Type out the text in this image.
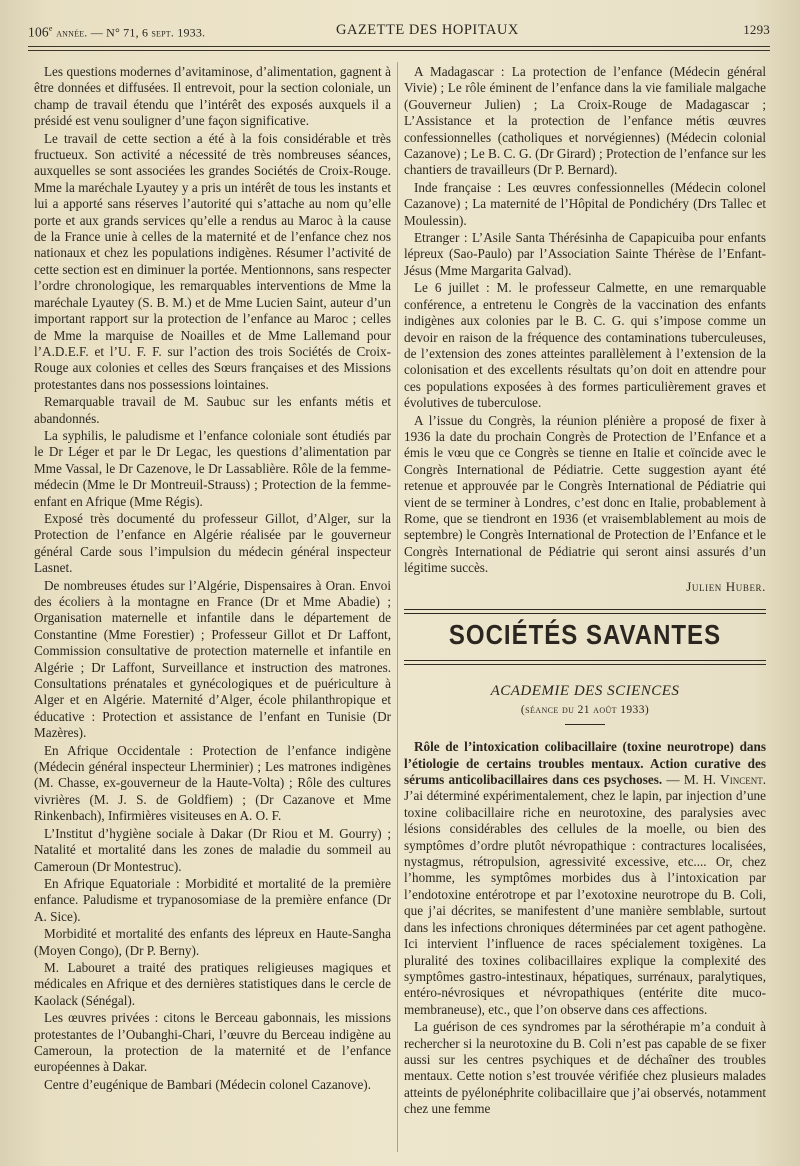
106e année. — N° 71, 6 sept. 1933.	GAZETTE DES HOPITAUX	1293

Les questions modernes d’avitaminose, d’alimentation, gagnent à être données et diffusées. Il entrevoit, pour la section coloniale, un champ de travail étendu que l’intérêt des exposés auxquels il a présidé est venu souligner d’une façon significative.

Le travail de cette section a été à la fois considérable et très fructueux. Son activité a nécessité de très nombreuses séances, auxquelles se sont associées les grandes Sociétés de Croix-Rouge. Mme la maréchale Lyautey y a pris un intérêt de tous les instants et lui a apporté sans réserves l’autorité qui s’attache au nom qu’elle porte et aux grands services qu’elle a rendus au Maroc à la cause de la France unie à celles de la maternité et de l’enfance chez nos nationaux et chez les populations indigènes. Résumer l’activité de cette section est en diminuer la portée. Mentionnons, sans respecter l’ordre chronologique, les remarquables interventions de Mme la maréchale Lyautey (S. B. M.) et de Mme Lucien Saint, auteur d’un important rapport sur la protection de l’enfance au Maroc ; celles de Mme la marquise de Noailles et de Mme Lallemand pour l’A.D.E.F. et l’U. F. F. sur l’action des trois Sociétés de Croix-Rouge aux colonies et celles des Sœurs françaises et des Missions protestantes dans nos possessions lointaines.

Remarquable travail de M. Saubuc sur les enfants métis et abandonnés.

La syphilis, le paludisme et l’enfance coloniale sont étudiés par le Dr Léger et par le Dr Legac, les questions d’alimentation par Mme Vassal, le Dr Cazenove, le Dr Lassablière. Rôle de la femme-médecin (Mme le Dr Montreuil-Strauss) ; Protection de la femme-enfant en Afrique (Mme Régis).

Exposé très documenté du professeur Gillot, d’Alger, sur la Protection de l’enfance en Algérie réalisée par le gouverneur général Carde sous l’impulsion du médecin général inspecteur Lasnet.

De nombreuses études sur l’Algérie, Dispensaires à Oran. Envoi des écoliers à la montagne en France (Dr et Mme Abadie) ; Organisation maternelle et infantile dans le département de Constantine (Mme Forestier) ; Professeur Gillot et Dr Laffont, Commission consultative de protection maternelle et infantile en Algérie ; Dr Laffont, Surveillance et instruction des matrones. Consultations prénatales et gynécologiques et de puériculture à Alger et en Algérie. Maternité d’Alger, école philanthropique et éducative : Protection et assistance de l’enfant en Tunisie (Dr Mazères).

En Afrique Occidentale : Protection de l’enfance indigène (Médecin général inspecteur Lherminier) ; Les matrones indigènes (M. Chasse, ex-gouverneur de la Haute-Volta) ; Rôle des cultures vivrières (M. J. S. de Goldfiem) ; (Dr Cazanove et Mme Rinkenbach), Infirmières visiteuses en A. O. F.

L’Institut d’hygiène sociale à Dakar (Dr Riou et M. Gourry) ; Natalité et mortalité dans les zones de maladie du sommeil au Cameroun (Dr Montestruc).

En Afrique Equatoriale : Morbidité et mortalité de la première enfance. Paludisme et trypanosomiase de la première enfance (Dr A. Sice).

Morbidité et mortalité des enfants des lépreux en Haute-Sangha (Moyen Congo), (Dr P. Berny).

M. Labouret a traité des pratiques religieuses magiques et médicales en Afrique et des dernières statistiques dans le cercle de Kaolack (Sénégal).

Les œuvres privées : citons le Berceau gabonnais, les missions protestantes de l’Oubanghi-Chari, l’œuvre du Berceau indigène au Cameroun, la protection de la maternité et de l’enfance européennes à Dakar.

Centre d’eugénique de Bambari (Médecin colonel Cazanove).

A Madagascar : La protection de l’enfance (Médecin général Vivie) ; Le rôle éminent de l’enfance dans la vie familiale malgache (Gouverneur Julien) ; La Croix-Rouge de Madagascar ; L’Assistance et la protection de l’enfance métis œuvres confessionnelles (catholiques et norvégiennes) (Médecin colonial Cazanove) ; Le B. C. G. (Dr Girard) ; Protection de l’enfance sur les chantiers de travailleurs (Dr P. Bernard).

Inde française : Les œuvres confessionnelles (Médecin colonel Cazanove) ; La maternité de l’Hôpital de Pondichéry (Drs Tallec et Moulessin).

Etranger : L’Asile Santa Thérésinha de Capapicuiba pour enfants lépreux (Sao-Paulo) par l’Association Sainte Thérèse de l’Enfant-Jésus (Mme Margarita Galvad).

Le 6 juillet : M. le professeur Calmette, en une remarquable conférence, a entretenu le Congrès de la vaccination des enfants indigènes aux colonies par le B. C. G. qui s’impose comme un devoir en raison de la fréquence des contaminations tuberculeuses, de l’extension des zones atteintes parallèlement à l’extension de la colonisation et des excellents résultats qu’on doit en attendre pour ces populations exposées à des formes particulièrement graves et évolutives de tuberculose.

A l’issue du Congrès, la réunion plénière a proposé de fixer à 1936 la date du prochain Congrès de Protection de l’Enfance et a émis le vœu que ce Congrès se tienne en Italie et coïncide avec le Congrès International de Pédiatrie. Cette suggestion ayant été retenue et approuvée par le Congrès International de Pédiatrie qui vient de se terminer à Londres, c’est donc en Italie, probablement à Rome, que se tiendront en 1936 (et vraisemblablement au mois de septembre) le Congrès International de Protection de l’Enfance et le Congrès International de Pédiatrie qui seront ainsi assurés d’un légitime succès.

Julien Huber.
SOCIÉTÉS SAVANTES
ACADEMIE DES SCIENCES
(séance du 21 août 1933)

Rôle de l’intoxication colibacillaire (toxine neurotrope) dans l’étiologie de certains troubles mentaux. Action curative des sérums anticolibacillaires dans ces psychoses. — M. H. Vincent. J’ai déterminé expérimentalement, chez le lapin, par injection d’une toxine colibacillaire riche en neurotoxine, des paralysies avec lésions considérables des cellules de la moelle, ou bien des symptômes d’ordre plutôt névropathique : contractures localisées, nystagmus, rétropulsion, agressivité excessive, etc.... Or, chez l’homme, les symptômes morbides dus à l’intoxication par l’endotoxine entérotrope et par l’exotoxine neurotrope du B. Coli, que j’ai décrites, se manifestent d’une manière semblable, surtout dans les infections chroniques déterminées par cet agent pathogène. Ici intervient l’influence de races spécialement toxigènes. La pluralité des toxines colibacillaires explique la complexité des symptômes gastro-intestinaux, hépatiques, surrénaux, paralytiques, entéro-névrosiques et névropathiques (entérite dite muco-membraneuse), etc., que l’on observe dans ces affections.

La guérison de ces syndromes par la sérothérapie m’a conduit à rechercher si la neurotoxine du B. Coli n’est pas capable de se fixer aussi sur les centres psychiques et de déchaîner des troubles mentaux. Cette notion s’est trouvée vérifiée chez plusieurs malades atteints de pyélonéphrite colibacillaire que j’ai observés, notamment chez une femme
